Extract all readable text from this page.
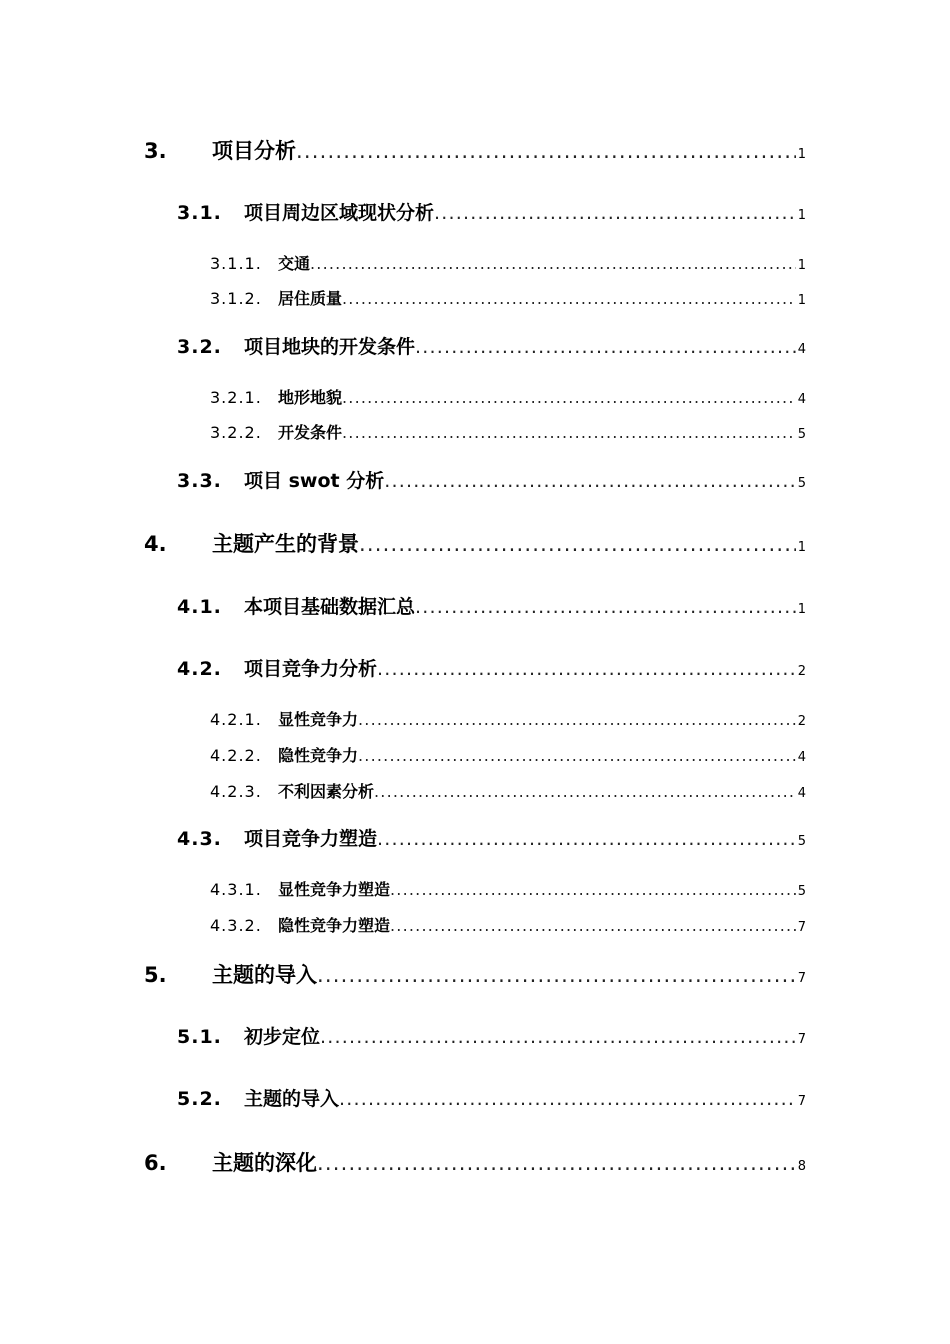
3.	项目分析 .....	1
3.1.	项目周边区域现状分析 .....	1
3.1.1.	交通 .....	1
3.1.2.	居住质量 .....	1
3.2.	项目地块的开发条件 .....	4
3.2.1.	地形地貌 .....	4
3.2.2.	开发条件 .....	5
3.3.	项目 swot 分析 .....	5
4.	主题产生的背景 .....	1
4.1.	本项目基础数据汇总 .....	1
4.2.	项目竞争力分析 .....	2
4.2.1.	显性竞争力 .....	2
4.2.2.	隐性竞争力 .....	4
4.2.3.	不利因素分析 .....	4
4.3.	项目竞争力塑造 .....	5
4.3.1.	显性竞争力塑造 .....	5
4.3.2.	隐性竞争力塑造 .....	7
5.	主题的导入 .....	7
5.1.	初步定位 .....	7
5.2.	主题的导入 .....	7
6.	主题的深化 .....	8
